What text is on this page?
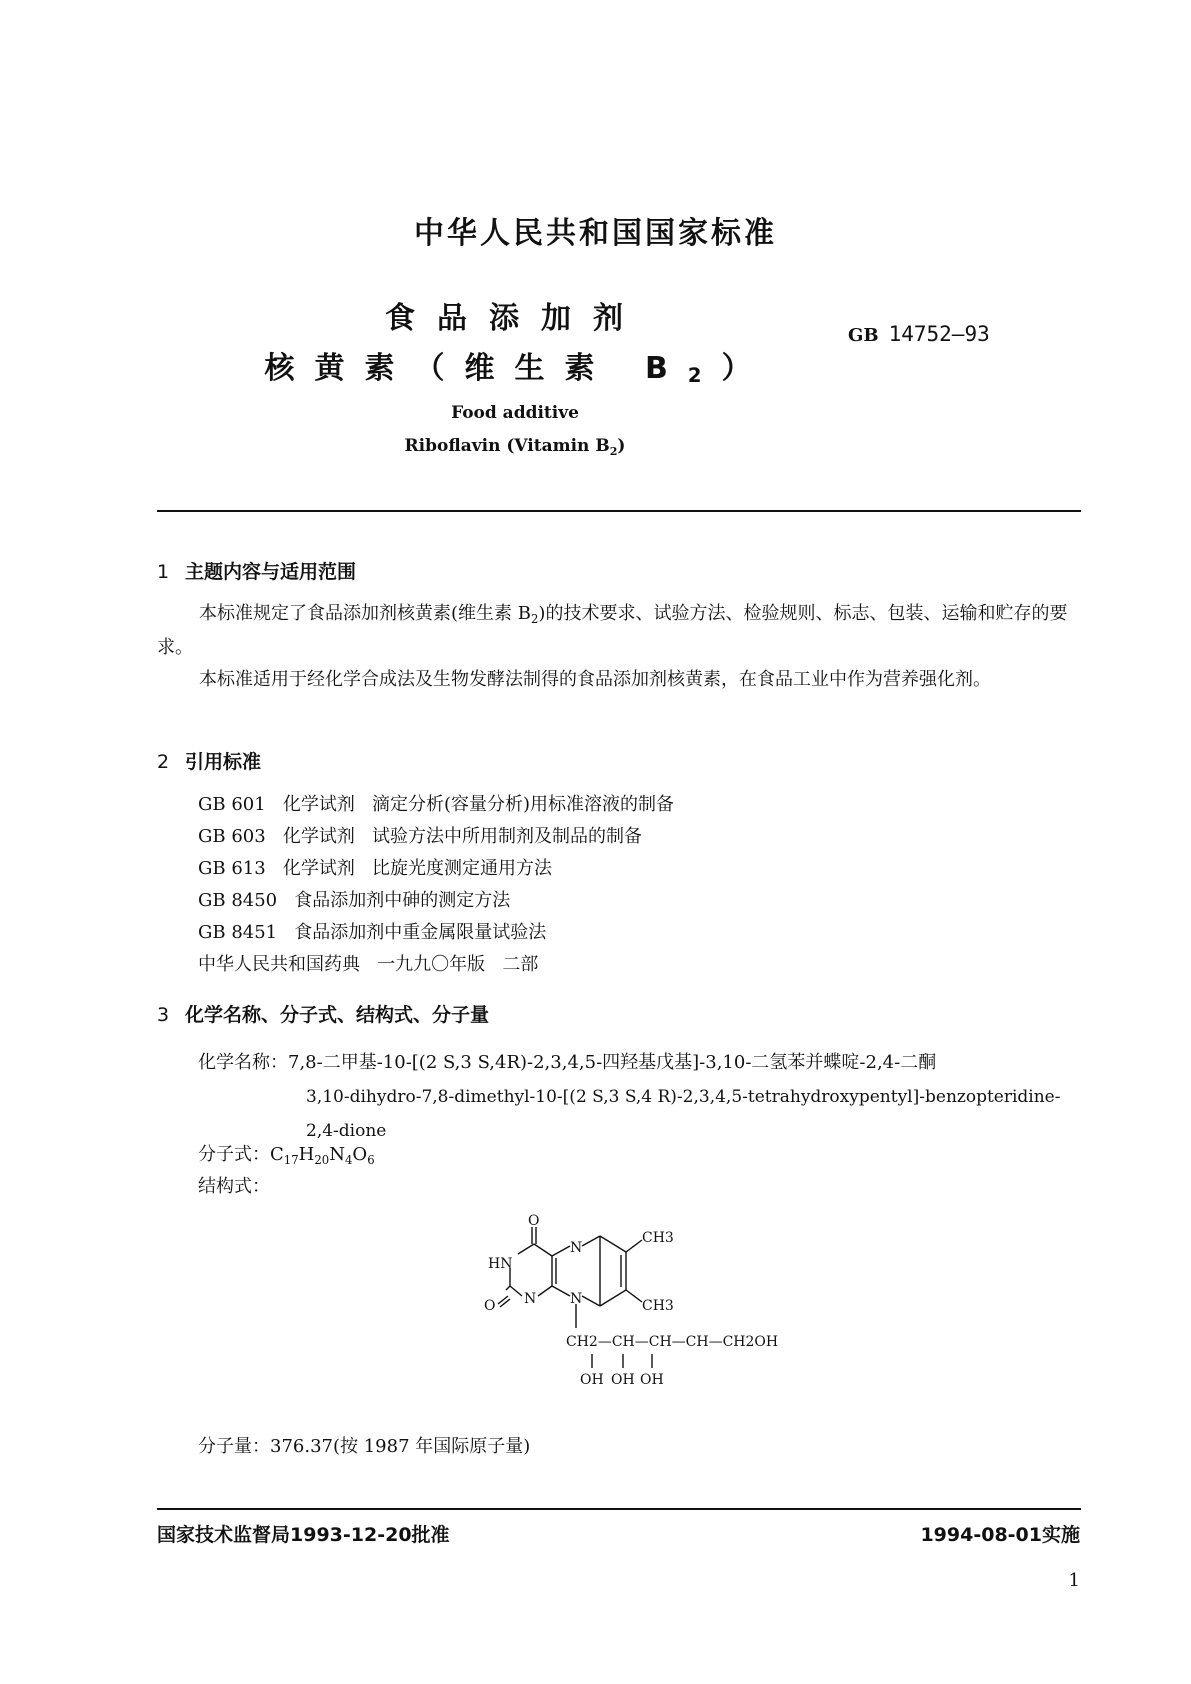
中华人民共和国国家标准
食品添加剂
核黄素（维生素 $B_2$）
GB 14752—93
Food additive
Riboflavin (Vitamin $B_2$)
1 主题内容与适用范围
本标准规定了食品添加剂核黄素(维生素 $B_2$)的技术要求、试验方法、检验规则、标志、包装、运输和贮存的要求。
本标准适用于经化学合成法及生物发酵法制得的食品添加剂核黄素，在食品工业中作为营养强化剂。
2 引用标准
GB 601   化学试剂   滴定分析(容量分析)用标准溶液的制备
GB 603   化学试剂   试验方法中所用制剂及制品的制备
GB 613   化学试剂   比旋光度测定通用方法
GB 8450   食品添加剂中砷的测定方法
GB 8451   食品添加剂中重金属限量试验法
中华人民共和国药典   一九九〇年版   二部
3 化学名称、分子式、结构式、分子量
化学名称：7,8-二甲基-10-[(2 S,3 S,4R)-2,3,4,5-四羟基戊基]-3,10-二氢苯并蝶啶-2,4-二酮
3,10-dihydro-7,8-dimethyl-10-[(2 S,3 S,4 R)-2,3,4,5-tetrahydroxypentyl]-benzopteridine-2,4-dione
分子式：$C_{17}H_{20}N_4O_6$
结构式：
O
HN
O N
N
N
CH3
CH3
CH2—CH—CH—CH—CH2OH
OH OH OH
分子量：376.37(按 1987 年国际原子量)
国家技术监督局1993-12-20批准	1994-08-01实施
1
